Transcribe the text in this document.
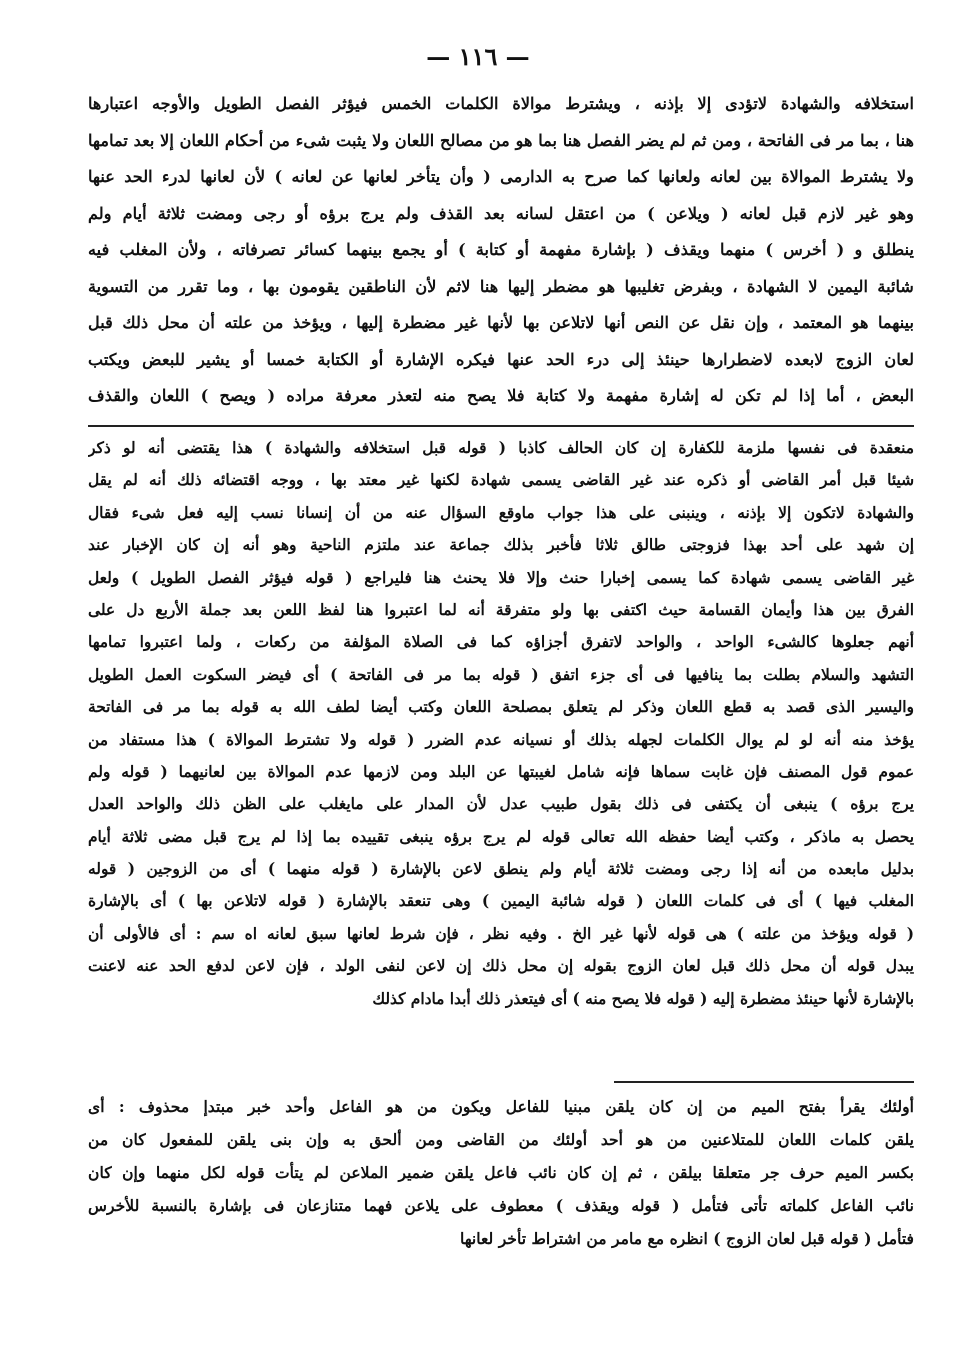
— ١١٦ —
استخلافه والشهادة لاتؤدى إلا بإذنه ، ويشترط موالاة الكلمات الخمس فيؤثر الفصل الطويل والأوجه اعتبارها
هنا ، بما مر فى الفاتحة ، ومن ثم لم يضر الفصل هنا بما هو من مصالح اللعان ولا يثبت شىء من أحكام اللعان إلا بعد تمامها
ولا يشترط الموالاة بين لعانه ولعانها كما صرح به الدارمى ( وأن يتأخر لعانها عن لعانه ) لأن لعانها لدرء الحد عنها
وهو غير لازم قبل لعانه ( ويلاعن ) من اعتقل لسانه بعد القذف ولم يرج برؤه أو رجى ومضت ثلاثة أيام ولم
ينطلق و ( أخرس ) منهما ويقذف ( بإشارة مفهمة أو كتابة ) أو يجمع بينهما كسائر تصرفاته ، ولأن المغلب فيه
شائبة اليمين لا الشهادة ، وبفرض تغليبها هو مضطر إليها هنا لاثم لأن الناطقين يقومون بها ، وما تقرر من التسوية
بينهما هو المعتمد ، وإن نقل عن النص أنها لاتلاعن بها لأنها غير مضطرة إليها ، ويؤخذ من علته أن محل ذلك قبل
لعان الزوج لابعده لاضطرارها حينئذ إلى درء الحد عنها فيكره الإشارة أو الكتابة خمسا أو يشير للبعض ويكتب
البعض ، أما إذا لم تكن له إشارة مفهمة ولا كتابة فلا يصح منه لتعذر معرفة مراده ( ويصح ) اللعان والقذف
منعقدة فى نفسها ملزمة للكفارة إن كان الحالف كاذبا ( قوله قبل استخلافه والشهادة ) هذا يقتضى أنه لو ذكر
شيئا قبل أمر القاضى أو ذكره عند غير القاضى يسمى شهادة لكنها غير معتد بها ، ووجه اقتضائه ذلك أنه لم يقل
والشهادة لاتكون إلا بإذنه ، وينبنى على هذا جواب ماوقع السؤال عنه من أن إنسانا نسب إليه فعل شىء فقال
إن شهد على أحد بهذا فزوجتى طالق ثلاثا فأخبر بذلك جماعة عند ملتزم الناحية وهو أنه إن كان الإخبار عند
غير القاضى يسمى شهادة كما يسمى إخبارا حنث وإلا فلا يحنث هنا فليراجع ( قوله فيؤثر الفصل الطويل ) ولعل
الفرق بين هذا وأيمان القسامة حيث اكتفى بها ولو متفرقة أنه لما اعتبروا هنا لفظ اللعن بعد جملة الأربع دل على
أنهم جعلوها كالشىء الواحد ، والواحد لاتفرق أجزاؤه كما فى الصلاة المؤلفة من ركعات ، ولما اعتبروا تمامها
التشهد والسلام بطلت بما ينافيها فى أى جزء اتفق ( قوله بما مر فى الفاتحة ) أى فيضر السكوت العمل الطويل
واليسير الذى قصد به قطع اللعان وذكر لم يتعلق بمصلحة اللعان وكتب أيضا لطف الله به قوله بما مر فى الفاتحة
يؤخذ منه أنه لو لم يوال الكلمات لجهله بذلك أو نسيانه عدم الضرر ( قوله ولا تشترط الموالاة ) هذا مستفاد من
عموم قول المصنف فإن غابت سماها فإنه شامل لغيبتها عن البلد ومن لازمها عدم الموالاة بين لعانيهما ( قوله ولم
يرج برؤه ) ينبغى أن يكتفى فى ذلك بقول طبيب عدل لأن المدار على مايغلب على الظن ذلك والواحد العدل
يحصل به ماذكر ، وكتب أيضا حفظه الله تعالى قوله لم يرج برؤه ينبغى تقييده بما إذا لم يرج قبل مضى ثلاثة أيام
بدليل مابعده من أنه إذا رجى ومضت ثلاثة أيام ولم ينطق لاعن بالإشارة ( قوله منهما ) أى من الزوجين ( قوله
المغلب فيها ) أى فى كلمات اللعان ( قوله شائبة اليمين ) وهى تنعقد بالإشارة ( قوله لاتلاعن بها ) أى بالإشارة
( قوله ويؤخذ من علته ) هى قوله لأنها غير الخ . وفيه نظر ، فإن شرط لعانها سبق لعانه اه سم : أى فالأولى أن
يبدل قوله أن محل ذلك قبل لعان الزوج بقوله إن محل ذلك إن لاعن لنفى الولد ، فإن لاعن لدفع الحد عنه لاعنت
بالإشارة لأنها حينئذ مضطرة إليه ( قوله فلا يصح منه ) أى فيتعذر ذلك أبدا مادام كذلك
أولئك يقرأ بفتح الميم من إن كان يلقن مبنيا للفاعل ويكون من هو الفاعل وأحد خبر مبتدإ محذوف : أى
يلقن كلمات اللعان للمتلاعنين من هو أحد أولئك من القاضى ومن ألحق به وإن بنى يلقن للمفعول كان من
بكسر الميم حرف جر متعلقا بيلقن ، ثم إن كان نائب فاعل يلقن ضمير الملاعن لم يتأت قوله لكل منهما وإن كان
نائب الفاعل كلماته تأتى فتأمل ( قوله ويقذف ) معطوف على يلاعن فهما متنازعان فى بإشارة بالنسبة للأخرس
فتأمل ( قوله قبل لعان الزوج ) انظره مع مامر من اشتراط تأخر لعانها
